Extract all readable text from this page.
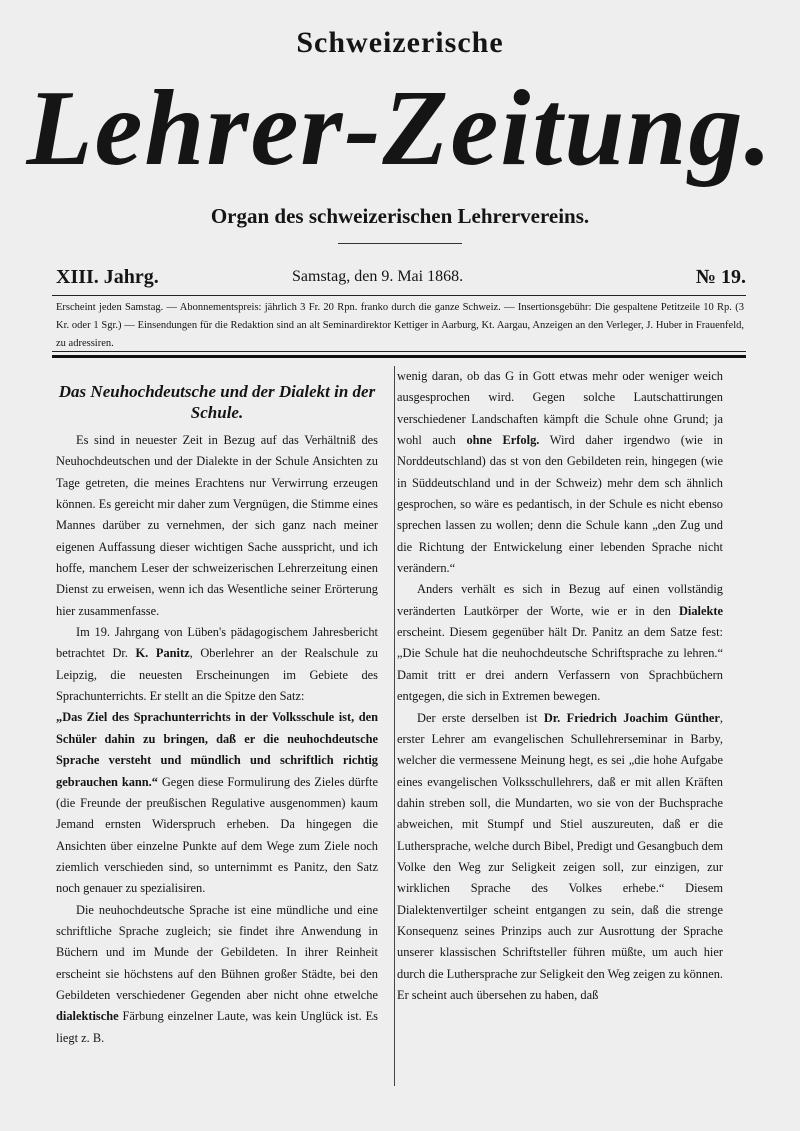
Schweizerische
Lehrer-Zeitung.
Organ des schweizerischen Lehrervereins.
XIII. Jahrg.	Samstag, den 9. Mai 1868.	№ 19.
Erscheint jeden Samstag. — Abonnementspreis: jährlich 3 Fr. 20 Rpn. franko durch die ganze Schweiz. — Insertionsgebühr: Die gespaltene Petitzeile 10 Rp. (3 Kr. oder 1 Sgr.) — Einsendungen für die Redaktion sind an alt Seminardirektor Kettiger in Aarburg, Kt. Aargau, Anzeigen an den Verleger, J. Huber in Frauenfeld, zu adressiren.
Das Neuhochdeutsche und der Dialekt in der Schule.

Es sind in neuester Zeit in Bezug auf das Verhältniß des Neuhochdeutschen und der Dialekte in der Schule Ansichten zu Tage getreten, die meines Erachtens nur Verwirrung erzeugen können. Es gereicht mir daher zum Vergnügen, die Stimme eines Mannes darüber zu vernehmen, der sich ganz nach meiner eigenen Auffassung dieser wichtigen Sache ausspricht, und ich hoffe, manchem Leser der schweizerischen Lehrerzeitung einen Dienst zu erweisen, wenn ich das Wesentliche seiner Erörterung hier zusammenfasse.

Im 19. Jahrgang von Lüben's pädagogischem Jahresbericht betrachtet Dr. K. Panitz, Oberlehrer an der Realschule zu Leipzig, die neuesten Erscheinungen im Gebiete des Sprachunterrichts. Er stellt an die Spitze den Satz:

„Das Ziel des Sprachunterrichts in der Volksschule ist, den Schüler dahin zu bringen, daß er die neuhochdeutsche Sprache versteht und mündlich und schriftlich richtig gebrauchen kann.“ Gegen diese Formulirung des Zieles dürfte (die Freunde der preußischen Regulative ausgenommen) kaum Jemand ernsten Widerspruch erheben. Da hingegen die Ansichten über einzelne Punkte auf dem Wege zum Ziele noch ziemlich verschieden sind, so unternimmt es Panitz, den Satz noch genauer zu spezialisiren.

Die neuhochdeutsche Sprache ist eine mündliche und eine schriftliche Sprache zugleich; sie findet ihre Anwendung in Büchern und im Munde der Gebildeten. In ihrer Reinheit erscheint sie höchstens auf den Bühnen großer Städte, bei den Gebildeten verschiedener Gegenden aber nicht ohne etwelche dialektische Färbung einzelner Laute, was kein Unglück ist. Es liegt z. B.

wenig daran, ob das G in Gott etwas mehr oder weniger weich ausgesprochen wird. Gegen solche Lautschattirungen verschiedener Landschaften kämpft die Schule ohne Grund; ja wohl auch ohne Erfolg. Wird daher irgendwo (wie in Norddeutschland) das st von den Gebildeten rein, hingegen (wie in Süddeutschland und in der Schweiz) mehr dem sch ähnlich gesprochen, so wäre es pedantisch, in der Schule es nicht ebenso sprechen lassen zu wollen; denn die Schule kann „den Zug und die Richtung der Entwickelung einer lebenden Sprache nicht verändern.“

Anders verhält es sich in Bezug auf einen vollständig veränderten Lautkörper der Worte, wie er in den Dialekte erscheint. Diesem gegenüber hält Dr. Panitz an dem Satze fest: „Die Schule hat die neuhochdeutsche Schriftsprache zu lehren.“ Damit tritt er drei andern Verfassern von Sprachbüchern entgegen, die sich in Extremen bewegen.

Der erste derselben ist Dr. Friedrich Joachim Günther, erster Lehrer am evangelischen Schullehrerseminar in Barby, welcher die vermessene Meinung hegt, es sei „die hohe Aufgabe eines evangelischen Volksschullehrers, daß er mit allen Kräften dahin streben soll, die Mundarten, wo sie von der Buchsprache abweichen, mit Stumpf und Stiel auszureuten, daß er die Luthersprache, welche durch Bibel, Predigt und Gesangbuch dem Volke den Weg zur Seligkeit zeigen soll, zur einzigen, zur wirklichen Sprache des Volkes erhebe.“ Diesem Dialektenvertilger scheint entgangen zu sein, daß die strenge Konsequenz seines Prinzips auch zur Ausrottung der Sprache unserer klassischen Schriftsteller führen müßte, um auch hier durch die Luthersprache zur Seligkeit den Weg zeigen zu können. Er scheint auch übersehen zu haben, daß
